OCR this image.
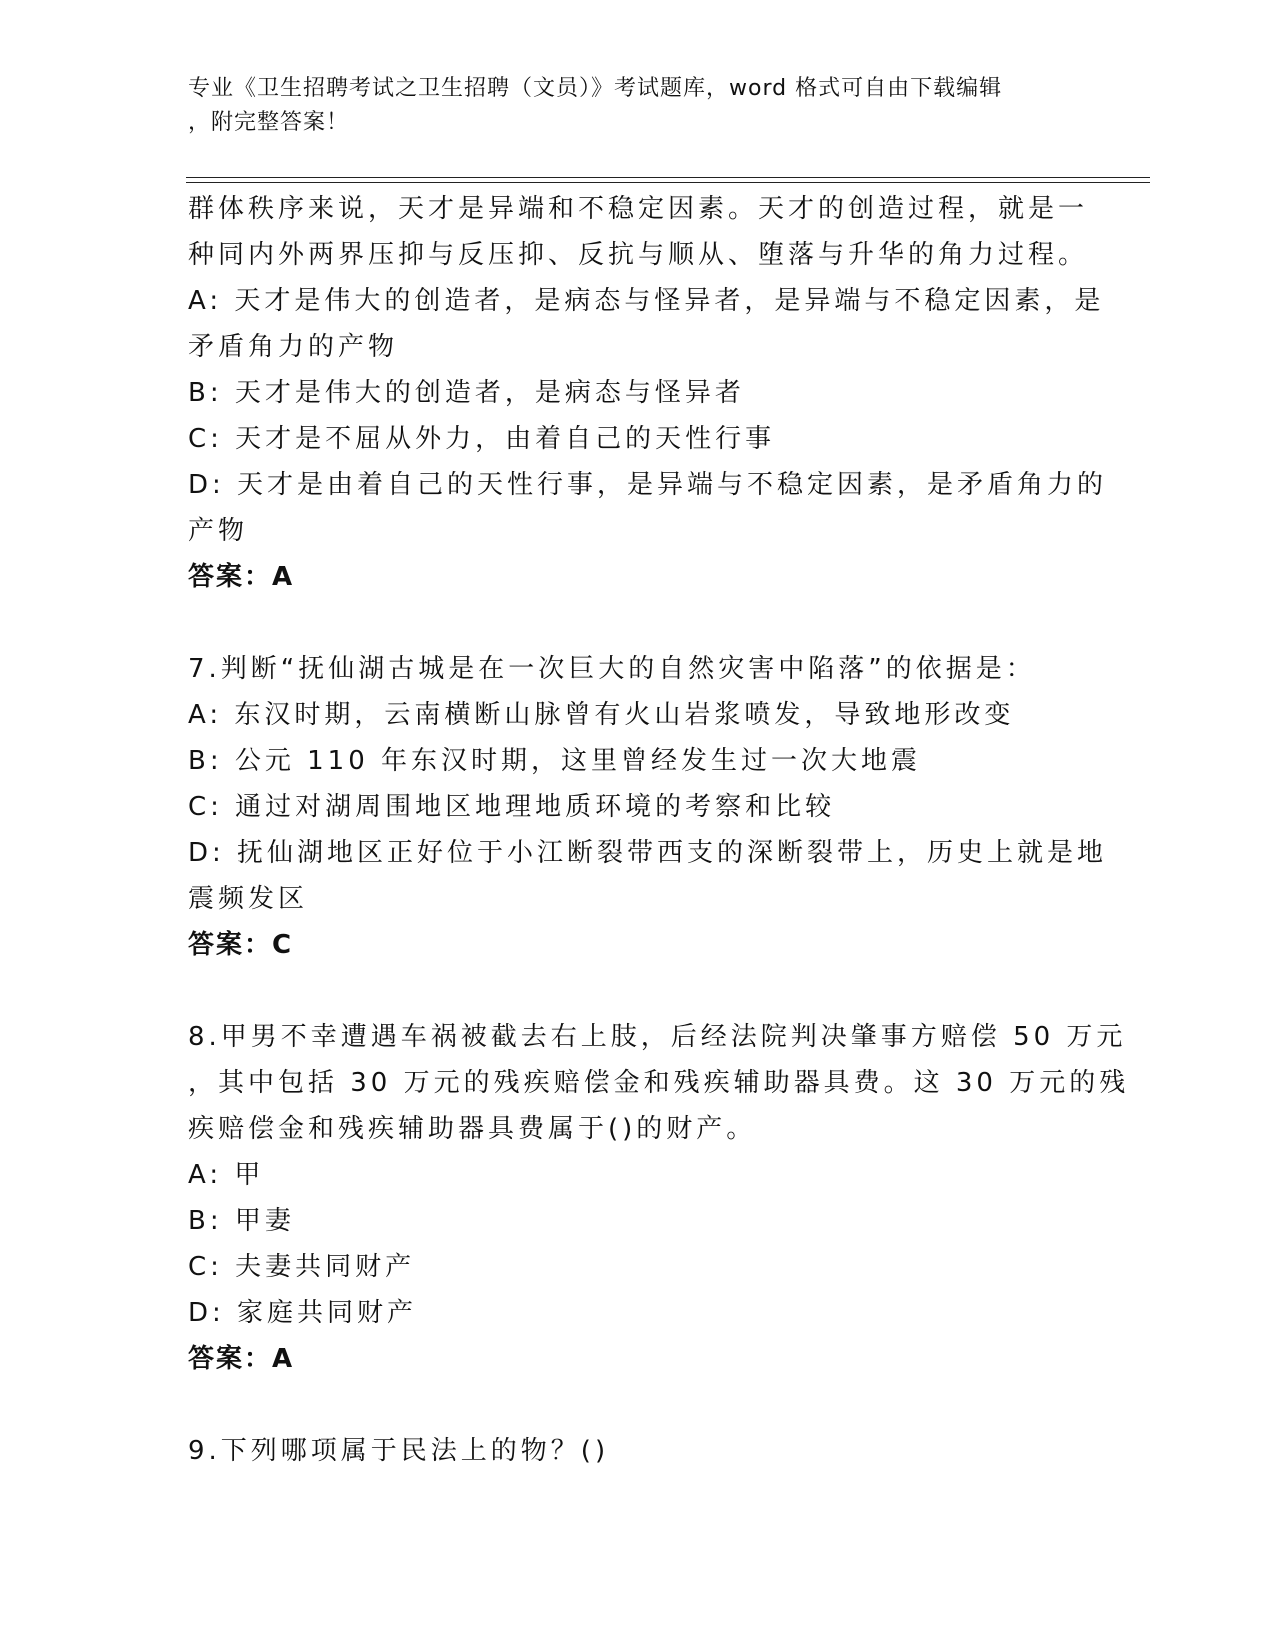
专业《卫生招聘考试之卫生招聘（文员）》考试题库，word 格式可自由下载编辑
，附完整答案！
群体秩序来说，天才是异端和不稳定因素。天才的创造过程，就是一
种同内外两界压抑与反压抑、反抗与顺从、堕落与升华的角力过程。
A: 天才是伟大的创造者，是病态与怪异者，是异端与不稳定因素，是
矛盾角力的产物
B: 天才是伟大的创造者，是病态与怪异者
C: 天才是不屈从外力，由着自己的天性行事
D: 天才是由着自己的天性行事，是异端与不稳定因素，是矛盾角力的
产物
答案：A
7.判断“抚仙湖古城是在一次巨大的自然灾害中陷落”的依据是：
A: 东汉时期，云南横断山脉曾有火山岩浆喷发，导致地形改变
B: 公元 110 年东汉时期，这里曾经发生过一次大地震
C: 通过对湖周围地区地理地质环境的考察和比较
D: 抚仙湖地区正好位于小江断裂带西支的深断裂带上，历史上就是地
震频发区
答案：C
8.甲男不幸遭遇车祸被截去右上肢，后经法院判决肇事方赔偿 50 万元
，其中包括 30 万元的残疾赔偿金和残疾辅助器具费。这 30 万元的残
疾赔偿金和残疾辅助器具费属于()的财产。
A: 甲
B: 甲妻
C: 夫妻共同财产
D: 家庭共同财产
答案：A
9.下列哪项属于民法上的物？()
